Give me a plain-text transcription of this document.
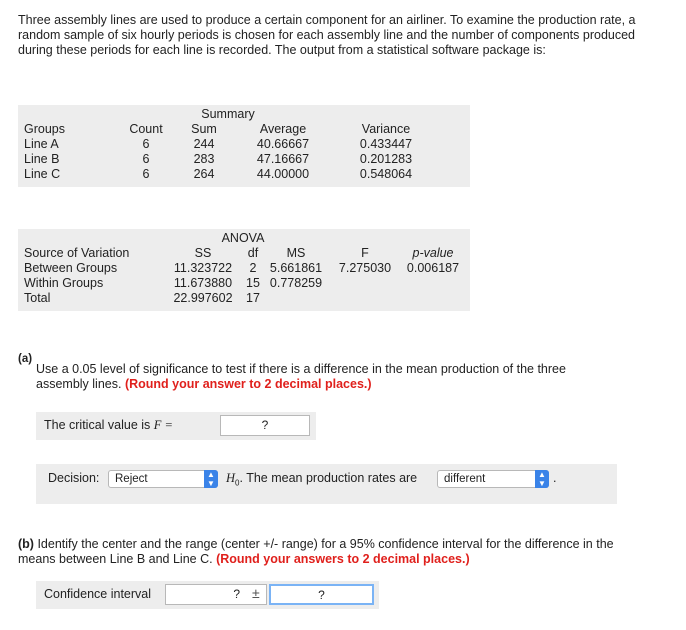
Three assembly lines are used to produce a certain component for an airliner. To examine the production rate, a random sample of six hourly periods is chosen for each assembly line and the number of components produced during these periods for each line is recorded. The output from a statistical software package is:
Summary
Groups	Count	Sum	Average	Variance
Line A	6	244	40.66667	0.433447
Line B	6	283	47.16667	0.201283
Line C	6	264	44.00000	0.548064
ANOVA
Source of Variation	SS	df	MS	F	p-value
Between Groups	11.323722	2	5.661861	7.275030	0.006187
Within Groups	11.673880	15 0.778259
Total	22.997602	17
(a)
Use a 0.05 level of significance to test if there is a difference in the mean production of the three assembly lines. (Round your answer to 2 decimal places.)
The critical value is F =	?
Decision:	Reject	▲
▼ $H_0$. The mean production rates are	different	▲
▼ .
(b) Identify the center and the range (center +/- range) for a 95% confidence interval for the difference in the means between Line B and Line C. (Round your answers to 2 decimal places.)
Confidence interval	? ±	?
